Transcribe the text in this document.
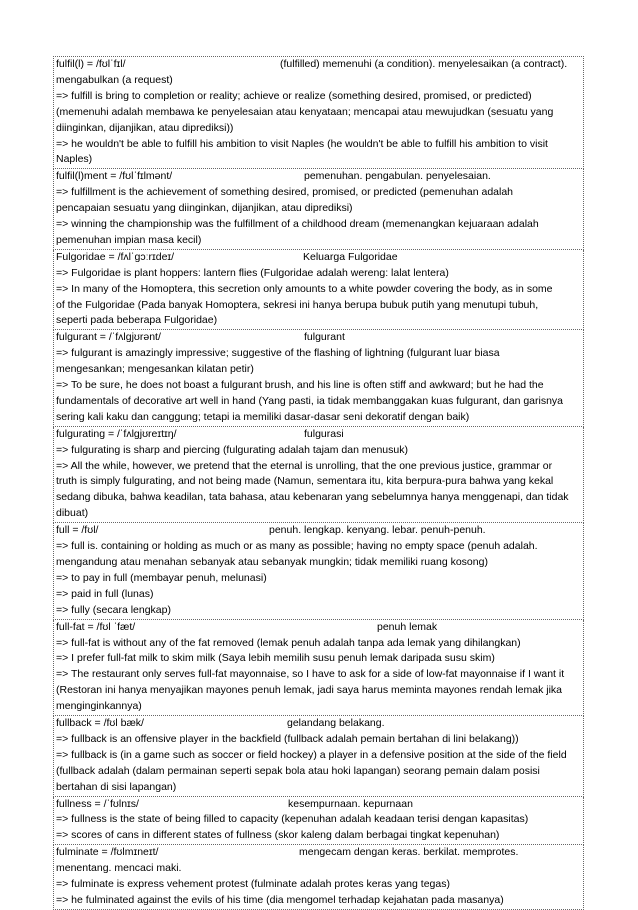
fulfil(l) = /fʊlˈfɪl/	(fulfilled) memenuhi (a condition). menyelesaikan (a contract).
mengabulkan (a request)
=> fulfill is bring to completion or reality; achieve or realize (something desired, promised, or predicted)
(memenuhi adalah membawa ke penyelesaian atau kenyataan; mencapai atau mewujudkan (sesuatu yang
diinginkan, dijanjikan, atau diprediksi))
=> he wouldn't be able to fulfill his ambition to visit Naples (he wouldn't be able to fulfill his ambition to visit
Naples)
fulfil(l)ment = /fʊlˈfɪlmənt/	pemenuhan. pengabulan. penyelesaian.
=> fulfillment is the achievement of something desired, promised, or predicted (pemenuhan adalah
pencapaian sesuatu yang diinginkan, dijanjikan, atau diprediksi)
=> winning the championship was the fulfillment of a childhood dream (memenangkan kejuaraan adalah
pemenuhan impian masa kecil)
Fulgoridae = /fʌlˈɡɔːrɪdeɪ/	Keluarga Fulgoridae
=> Fulgoridae is plant hoppers: lantern flies (Fulgoridae adalah wereng: lalat lentera)
=> In many of the Homoptera, this secretion only amounts to a white powder covering the body, as in some
of the Fulgoridae (Pada banyak Homoptera, sekresi ini hanya berupa bubuk putih yang menutupi tubuh,
seperti pada beberapa Fulgoridae)
fulgurant = /ˈfʌlɡjʊrənt/	fulgurant
=> fulgurant is amazingly impressive; suggestive of the flashing of lightning (fulgurant luar biasa
mengesankan; mengesankan kilatan petir)
=> To be sure, he does not boast a fulgurant brush, and his line is often stiff and awkward; but he had the
fundamentals of decorative art well in hand (Yang pasti, ia tidak membanggakan kuas fulgurant, dan garisnya
sering kali kaku dan canggung; tetapi ia memiliki dasar-dasar seni dekoratif dengan baik)
fulgurating = /ˈfʌlɡjʊreɪtɪŋ/	fulgurasi
=> fulgurating is sharp and piercing (fulgurating adalah tajam dan menusuk)
=> All the while, however, we pretend that the eternal is unrolling, that the one previous justice, grammar or
truth is simply fulgurating, and not being made (Namun, sementara itu, kita berpura-pura bahwa yang kekal
sedang dibuka, bahwa keadilan, tata bahasa, atau kebenaran yang sebelumnya hanya menggenapi, dan tidak
dibuat)
full = /fʊl/	penuh. lengkap. kenyang. lebar. penuh-penuh.
=> full is. containing or holding as much or as many as possible; having no empty space (penuh adalah.
mengandung atau menahan sebanyak atau sebanyak mungkin; tidak memiliki ruang kosong)
=> to pay in full (membayar penuh, melunasi)
=> paid in full (lunas)
=> fully (secara lengkap)
full-fat = /fʊl ˈfæt/	penuh lemak
=> full-fat is without any of the fat removed (lemak penuh adalah tanpa ada lemak yang dihilangkan)
=> I prefer full-fat milk to skim milk (Saya lebih memilih susu penuh lemak daripada susu skim)
=> The restaurant only serves full-fat mayonnaise, so I have to ask for a side of low-fat mayonnaise if I want it
(Restoran ini hanya menyajikan mayones penuh lemak, jadi saya harus meminta mayones rendah lemak jika
menginginkannya)
fullback = /fʊl bæk/	gelandang belakang.
=> fullback is an offensive player in the backfield (fullback adalah pemain bertahan di lini belakang))
=> fullback is (in a game such as soccer or field hockey) a player in a defensive position at the side of the field
(fullback adalah (dalam permainan seperti sepak bola atau hoki lapangan) seorang pemain dalam posisi
bertahan di sisi lapangan)
fullness = /ˈfʊlnɪs/	kesempurnaan. kepurnaan
=> fullness is the state of being filled to capacity (kepenuhan adalah keadaan terisi dengan kapasitas)
=> scores of cans in different states of fullness (skor kaleng dalam berbagai tingkat kepenuhan)
fulminate = /fʊlmɪneɪt/	mengecam dengan keras. berkilat. memprotes.
menentang. mencaci maki.
=> fulminate is express vehement protest (fulminate adalah protes keras yang tegas)
=> he fulminated against the evils of his time (dia mengomel terhadap kejahatan pada masanya)
